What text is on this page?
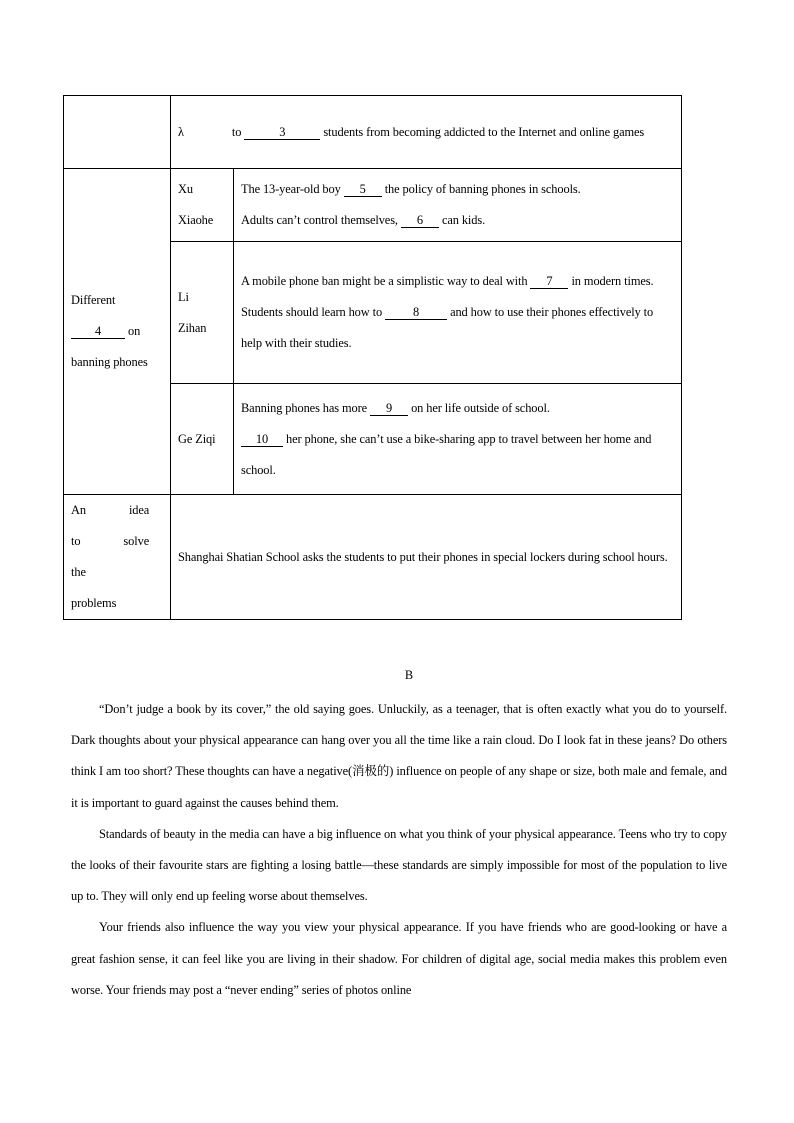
	λ                to 3 students from becoming addicted to the Internet and online games	
Different
4 on banning phones	Xu Xiaohe	The 13-year-old boy 5 the policy of banning phones in schools.
Adults can’t control themselves, 6 can kids.
	Li Zihan	A mobile phone ban might be a simplistic way to deal with 7 in modern times.
Students should learn how to 8 and how to use their phones effectively to help with their studies.
	Ge Ziqi	Banning phones has more 9 on her life outside of school.
10 her phone, she can’t use a bike-sharing app to travel between her home and school.
An idea to solve the problems	Shanghai Shatian School asks the students to put their phones in special lockers during school hours.	
B

“Don’t judge a book by its cover,” the old saying goes. Unluckily, as a teenager, that is often exactly what you do to yourself. Dark thoughts about your physical appearance can hang over you all the time like a rain cloud. Do I look fat in these jeans? Do others think I am too short? These thoughts can have a negative(消极的) influence on people of any shape or size, both male and female, and it is important to guard against the causes behind them.

Standards of beauty in the media can have a big influence on what you think of your physical appearance. Teens who try to copy the looks of their favourite stars are fighting a losing battle—these standards are simply impossible for most of the population to live up to. They will only end up feeling worse about themselves.

Your friends also influence the way you view your physical appearance. If you have friends who are good-looking or have a great fashion sense, it can feel like you are living in their shadow. For children of digital age, social media makes this problem even worse. Your friends may post a “never ending” series of photos online
